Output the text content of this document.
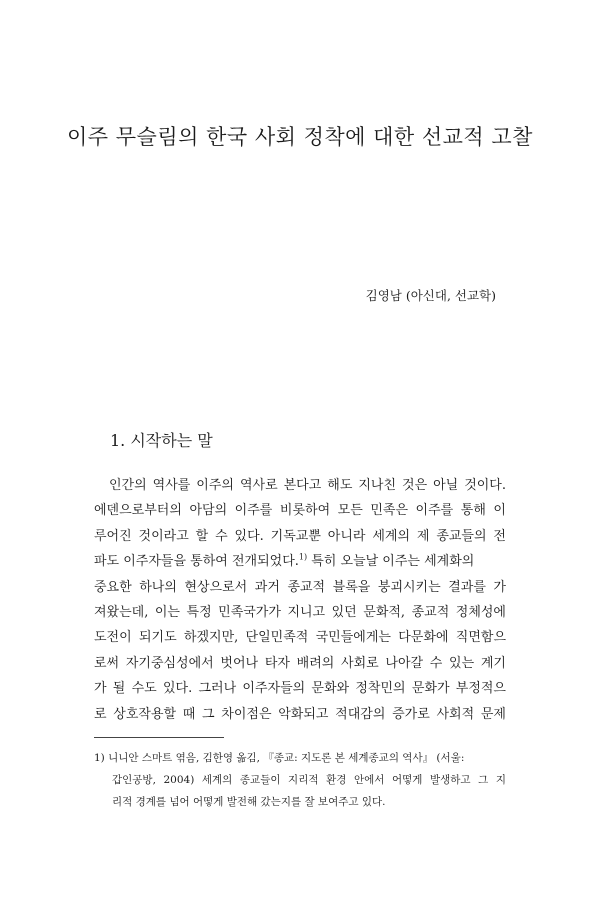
이주 무슬림의 한국 사회 정착에 대한 선교적 고찰
김영남 (아신대, 선교학)
1. 시작하는 말
인간의 역사를 이주의 역사로 본다고 해도 지나친 것은 아닐 것이다.
에덴으로부터의 아담의 이주를 비롯하여 모든 민족은 이주를 통해 이
루어진 것이라고 할 수 있다. 기독교뿐 아니라 세계의 제 종교들의 전
파도 이주자들을 통하여 전개되었다.$^{1)}$ 특히 오늘날 이주는 세계화의
중요한 하나의 현상으로서 과거 종교적 블록을 붕괴시키는 결과를 가
져왔는데, 이는 특정 민족국가가 지니고 있던 문화적, 종교적 정체성에
도전이 되기도 하겠지만, 단일민족적 국민들에게는 다문화에 직면함으
로써 자기중심성에서 벗어나 타자 배려의 사회로 나아갈 수 있는 계기
가 될 수도 있다. 그러나 이주자들의 문화와 정착민의 문화가 부정적으
로 상호작용할 때 그 차이점은 악화되고 적대감의 증가로 사회적 문제
1) 니니안 스마트 엮음, 김한영 옮김, 『종교: 지도론 본 세계종교의 역사』 (서울:
갑인공방, 2004) 세계의 종교들이 지리적 환경 안에서 어떻게 발생하고 그 지
리적 경계를 넘어 어떻게 발전해 갔는지를 잘 보여주고 있다.
